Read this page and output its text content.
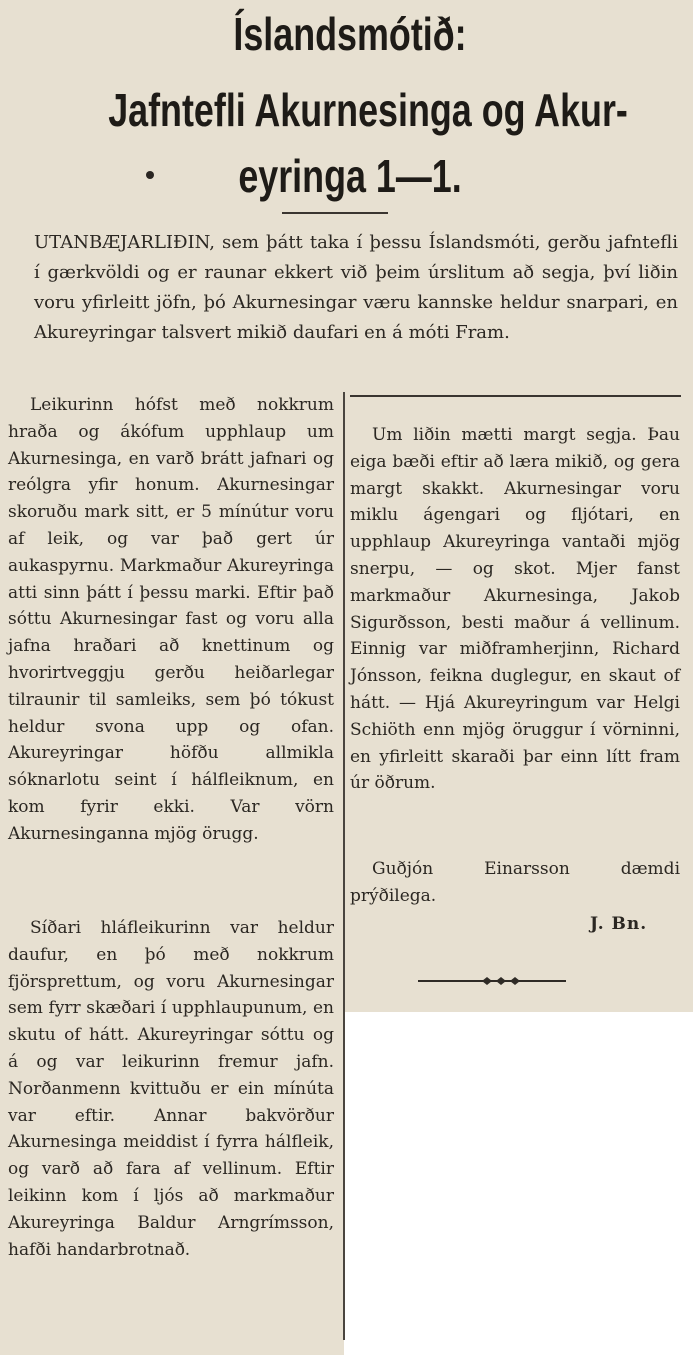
Íslandsmótið:
Jafntefli Akurnesinga og Akur-
eyringa 1—1.

UTANBÆJARLIÐIN, sem þátt taka í þessu Íslandsmóti, gerðu jafntefli í gærkvöldi og er raunar ekkert við þeim úrslitum að segja, því liðin voru yfirleitt jöfn, þó Akurnesingar væru kannske heldur snarpari, en Akureyringar talsvert mikið daufari en á móti Fram.

Leikurinn hófst með nokkrum hraða og ákófum upphlaup um Akurnesinga, en varð brátt jafnari og reólgra yfir honum. Akurnesingar skoruðu mark sitt, er 5 mínútur voru af leik, og var það gert úr aukaspyrnu. Markmaður Akureyringa atti sinn þátt í þessu marki. Eftir það sóttu Akurnesingar fast og voru alla jafna hraðari að knettinum og hvorirtveggju gerðu heiðarlegar tilraunir til samleiks, sem þó tókust heldur svona upp og ofan. Akureyringar höfðu allmikla sóknarlotu seint í hálfleiknum, en kom fyrir ekki. Var vörn Akurnesinganna mjög örugg.

Síðari hláfleikurinn var heldur daufur, en þó með nokkrum fjörsprettum, og voru Akurnesingar sem fyrr skæðari í upphlaupunum, en skutu of hátt. Akureyringar sóttu og á og var leikurinn fremur jafn. Norðanmenn kvittuðu er ein mínúta var eftir. Annar bakvörður Akurnesinga meiddist í fyrra hálfleik, og varð að fara af vellinum. Eftir leikinn kom í ljós að markmaður Akureyringa Baldur Arngrímsson, hafði handarbrotnað.

Um liðin mætti margt segja. Þau eiga bæði eftir að læra mikið, og gera margt skakkt. Akurnesingar voru miklu ágengari og fljótari, en upphlaup Akureyringa vantaði mjög snerpu, — og skot. Mjer fanst markmaður Akurnesinga, Jakob Sigurðsson, besti maður á vellinum. Einnig var miðframherjinn, Richard Jónsson, feikna duglegur, en skaut of hátt. — Hjá Akureyringum var Helgi Schiöth enn mjög öruggur í vörninni, en yfirleitt skaraði þar einn lítt fram úr öðrum.

Guðjón Einarsson dæmdi prýðilega.

J. Bn.
